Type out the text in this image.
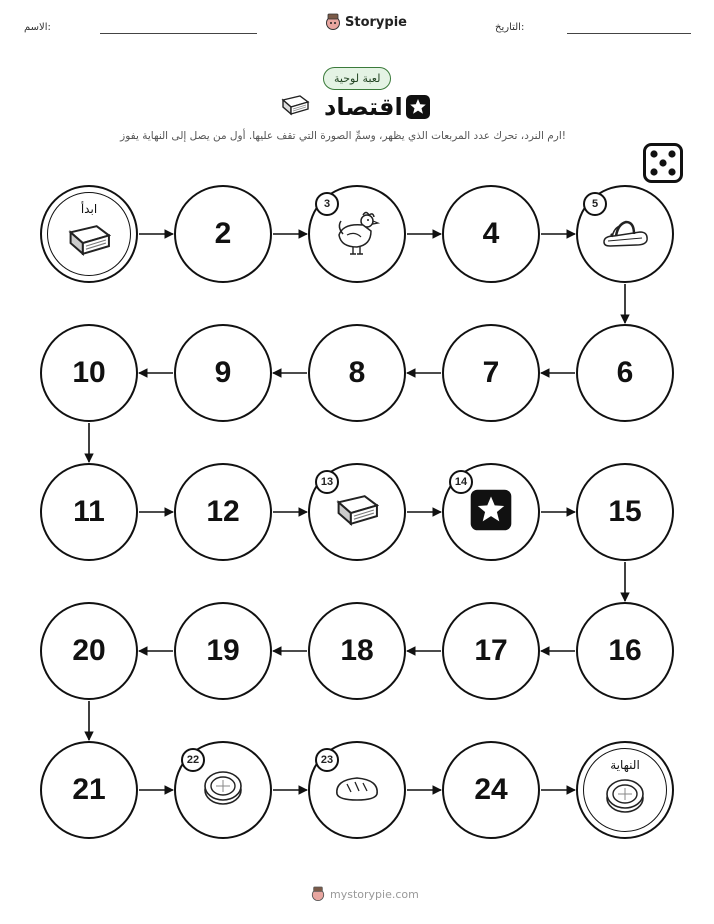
الاسم:	Storypie	التاريخ:
لعبة لوحية
اقتصاد
ارم النرد، تحرك عدد المربعات الذي يظهر، وسمِّ الصورة التي تقف عليها. أول من يصل إلى النهاية يفوز!
ابدأ
2
3
4
5
6
7
8
9
10
11	12
13	14
15
16
17
18
19
20
21
22	23
24
النهاية
mystorypie.com
